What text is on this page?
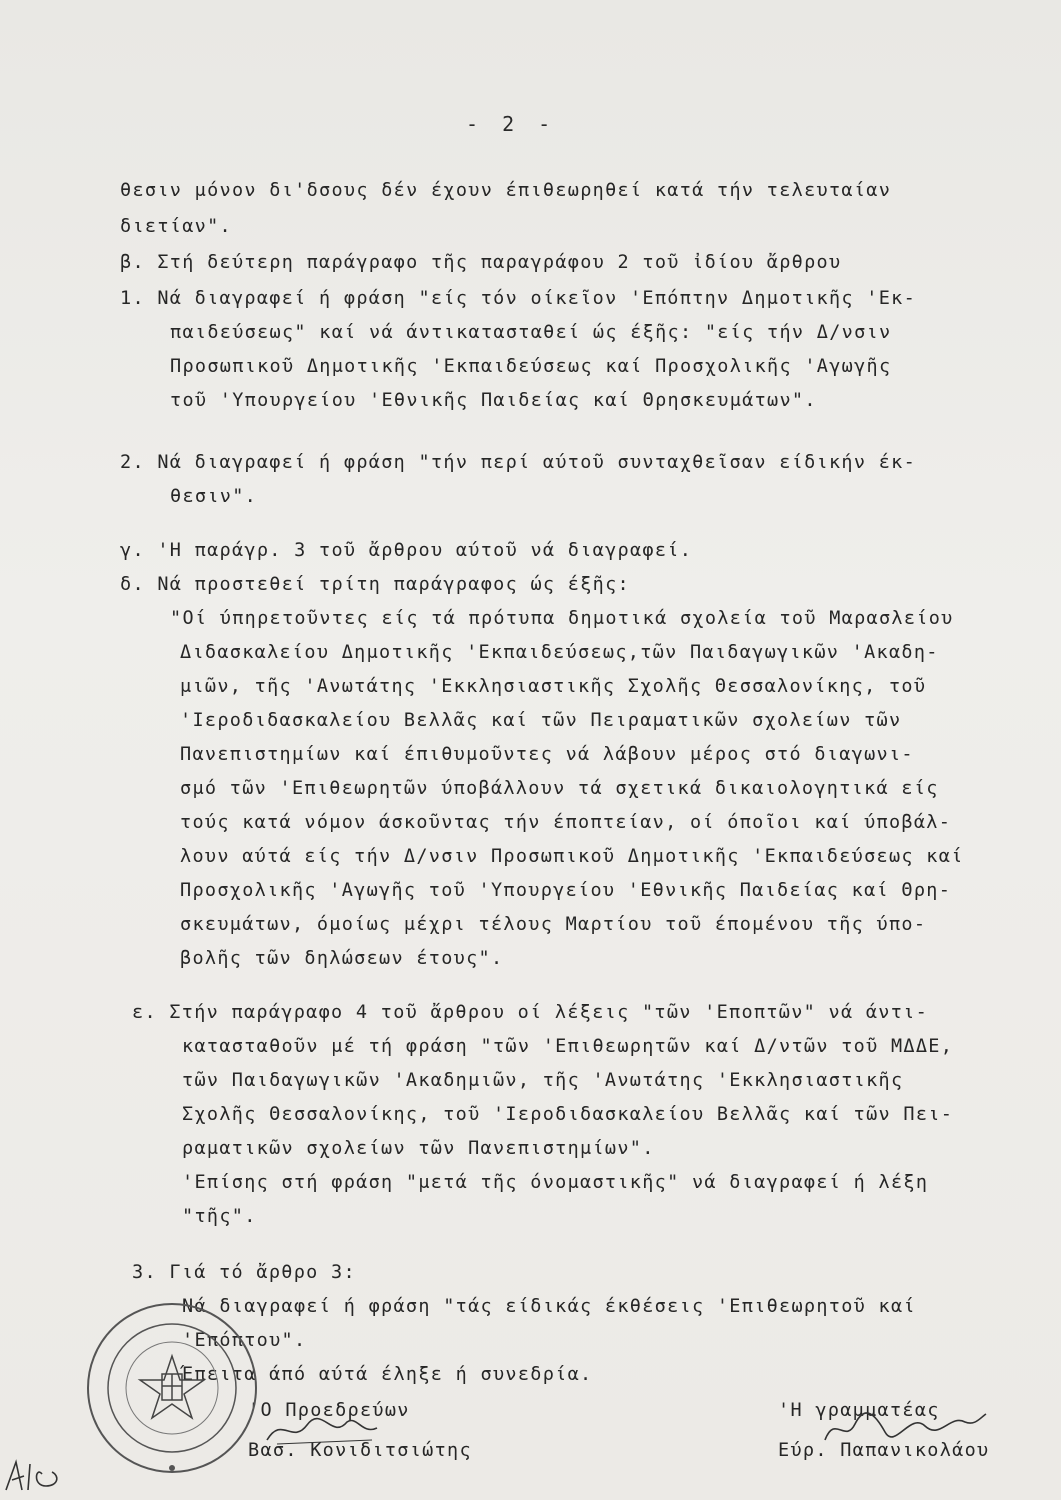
- 2 -
θεσιν μόνον δι'δσους δέν έχουν έπιθεωρηθεί κατά τήν τελευταίαν
διετίαν".
β. Στή δεύτερη παράγραφο τῆς παραγράφου 2 τοῦ ἰδίου ἄρθρου
1. Νά διαγραφεί ή φράση "είς τόν οίκεῖον 'Επόπτην Δημοτικῆς 'Εκ-
παιδεύσεως" καί νά άντικατασταθεί ώς έξῆς: "είς τήν Δ/νσιν
Προσωπικοῦ Δημοτικῆς 'Εκπαιδεύσεως καί Προσχολικῆς 'Αγωγῆς
τοῦ 'Υπουργείου 'Εθνικῆς Παιδείας καί Θρησκευμάτων".
2. Νά διαγραφεί ή φράση "τήν περί αύτοῦ συνταχθεῖσαν είδικήν έκ-
θεσιν".
γ. 'Η παράγρ. 3 τοῦ ἄρθρου αύτοῦ νά διαγραφεί.
δ. Νά προστεθεί τρίτη παράγραφος ώς έξῆς:
"Οί ύπηρετοῦντες είς τά πρότυπα δημοτικά σχολεία τοῦ Μαρασλείου
Διδασκαλείου Δημοτικῆς 'Εκπαιδεύσεως,τῶν Παιδαγωγικῶν 'Ακαδη-
μιῶν, τῆς 'Ανωτάτης 'Εκκλησιαστικῆς Σχολῆς Θεσσαλονίκης, τοῦ
'Ιεροδιδασκαλείου Βελλᾶς καί τῶν Πειραματικῶν σχολείων τῶν
Πανεπιστημίων καί έπιθυμοῦντες νά λάβουν μέρος στό διαγωνι-
σμό τῶν 'Επιθεωρητῶν ύποβάλλουν τά σχετικά δικαιολογητικά είς
τούς κατά νόμον άσκοῦντας τήν έποπτείαν, οί όποῖοι καί ύποβάλ-
λουν αύτά είς τήν Δ/νσιν Προσωπικοῦ Δημοτικῆς 'Εκπαιδεύσεως καί
Προσχολικῆς 'Αγωγῆς τοῦ 'Υπουργείου 'Εθνικῆς Παιδείας καί Θρη-
σκευμάτων, όμοίως μέχρι τέλους Μαρτίου τοῦ έπομένου τῆς ύπο-
βολῆς τῶν δηλώσεων έτους".
ε. Στήν παράγραφο 4 τοῦ ἄρθρου οί λέξεις "τῶν 'Εποπτῶν" νά άντι-
κατασταθοῦν μέ τή φράση "τῶν 'Επιθεωρητῶν καί Δ/ντῶν τοῦ ΜΔΔΕ,
τῶν Παιδαγωγικῶν 'Ακαδημιῶν, τῆς 'Ανωτάτης 'Εκκλησιαστικῆς
Σχολῆς Θεσσαλονίκης, τοῦ 'Ιεροδιδασκαλείου Βελλᾶς καί τῶν Πει-
ραματικῶν σχολείων τῶν Πανεπιστημίων".
'Επίσης στή φράση "μετά τῆς όνομαστικῆς" νά διαγραφεί ή λέξη
"τῆς".
3. Γιά τό ἄρθρο 3:
Νά διαγραφεί ή φράση "τάς είδικάς έκθέσεις 'Επιθεωρητοῦ καί
'Επόπτου".
Έπειτα άπό αύτά έληξε ή συνεδρία.
'Ο Προεδρεύων
Βασ. Κονιδιτσιώτης
'Η γραμματέας
Εύρ. Παπανικολάου
